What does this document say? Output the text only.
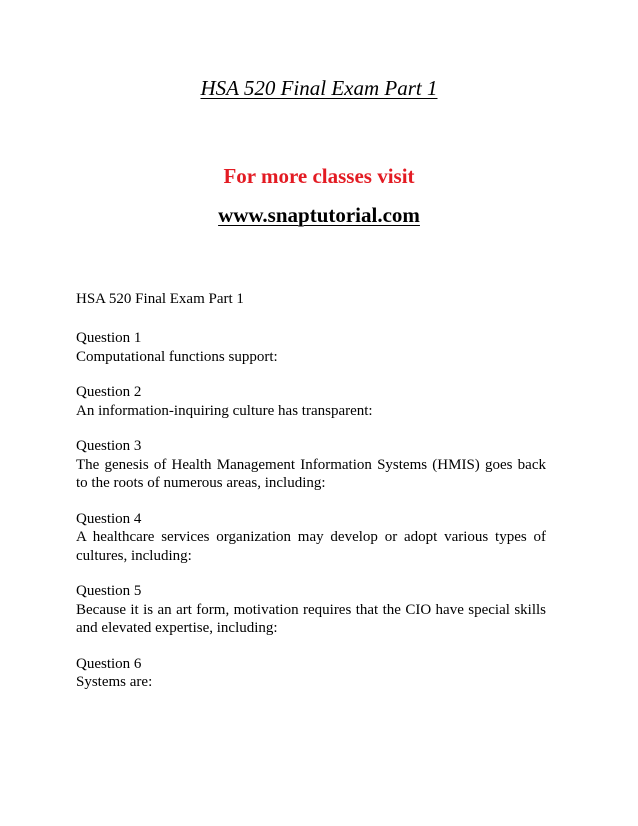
HSA 520 Final Exam Part 1
For more classes visit
www.snaptutorial.com
HSA 520 Final Exam Part 1
Question 1
Computational functions support:
Question 2
An information-inquiring culture has transparent:
Question 3
The genesis of Health Management Information Systems (HMIS) goes back to the roots of numerous areas, including:
Question 4
A healthcare services organization may develop or adopt various types of cultures, including:
Question 5
Because it is an art form, motivation requires that the CIO have special skills and elevated expertise, including:
Question 6
Systems are:
